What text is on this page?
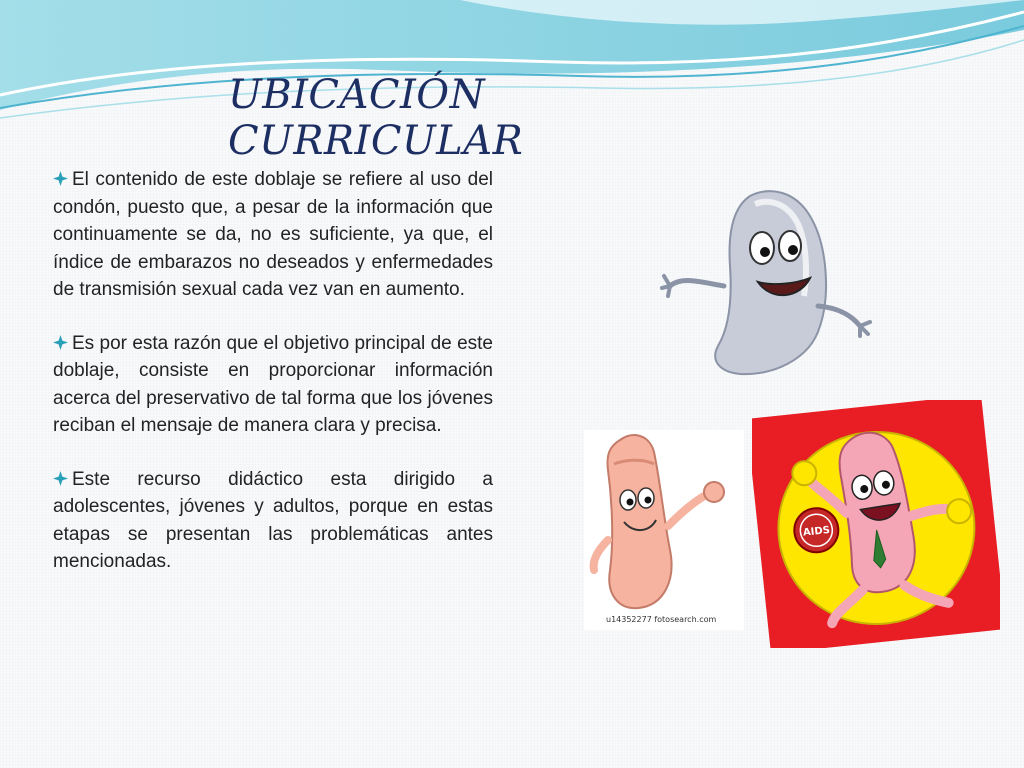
UBICACIÓN CURRICULAR
El contenido de este doblaje se refiere al uso del condón, puesto que, a pesar de la información que continuamente se da, no es suficiente, ya que, el índice de embarazos no deseados y enfermedades de transmisión sexual cada vez van en aumento.
Es por esta razón que el objetivo principal de este doblaje, consiste en proporcionar información acerca del preservativo de tal forma que los jóvenes reciban el mensaje de manera clara y precisa.
Este recurso didáctico esta dirigido a adolescentes, jóvenes y adultos, porque en estas etapas se presentan las problemáticas antes mencionadas.
u14352277 fotosearch.com
AIDS
